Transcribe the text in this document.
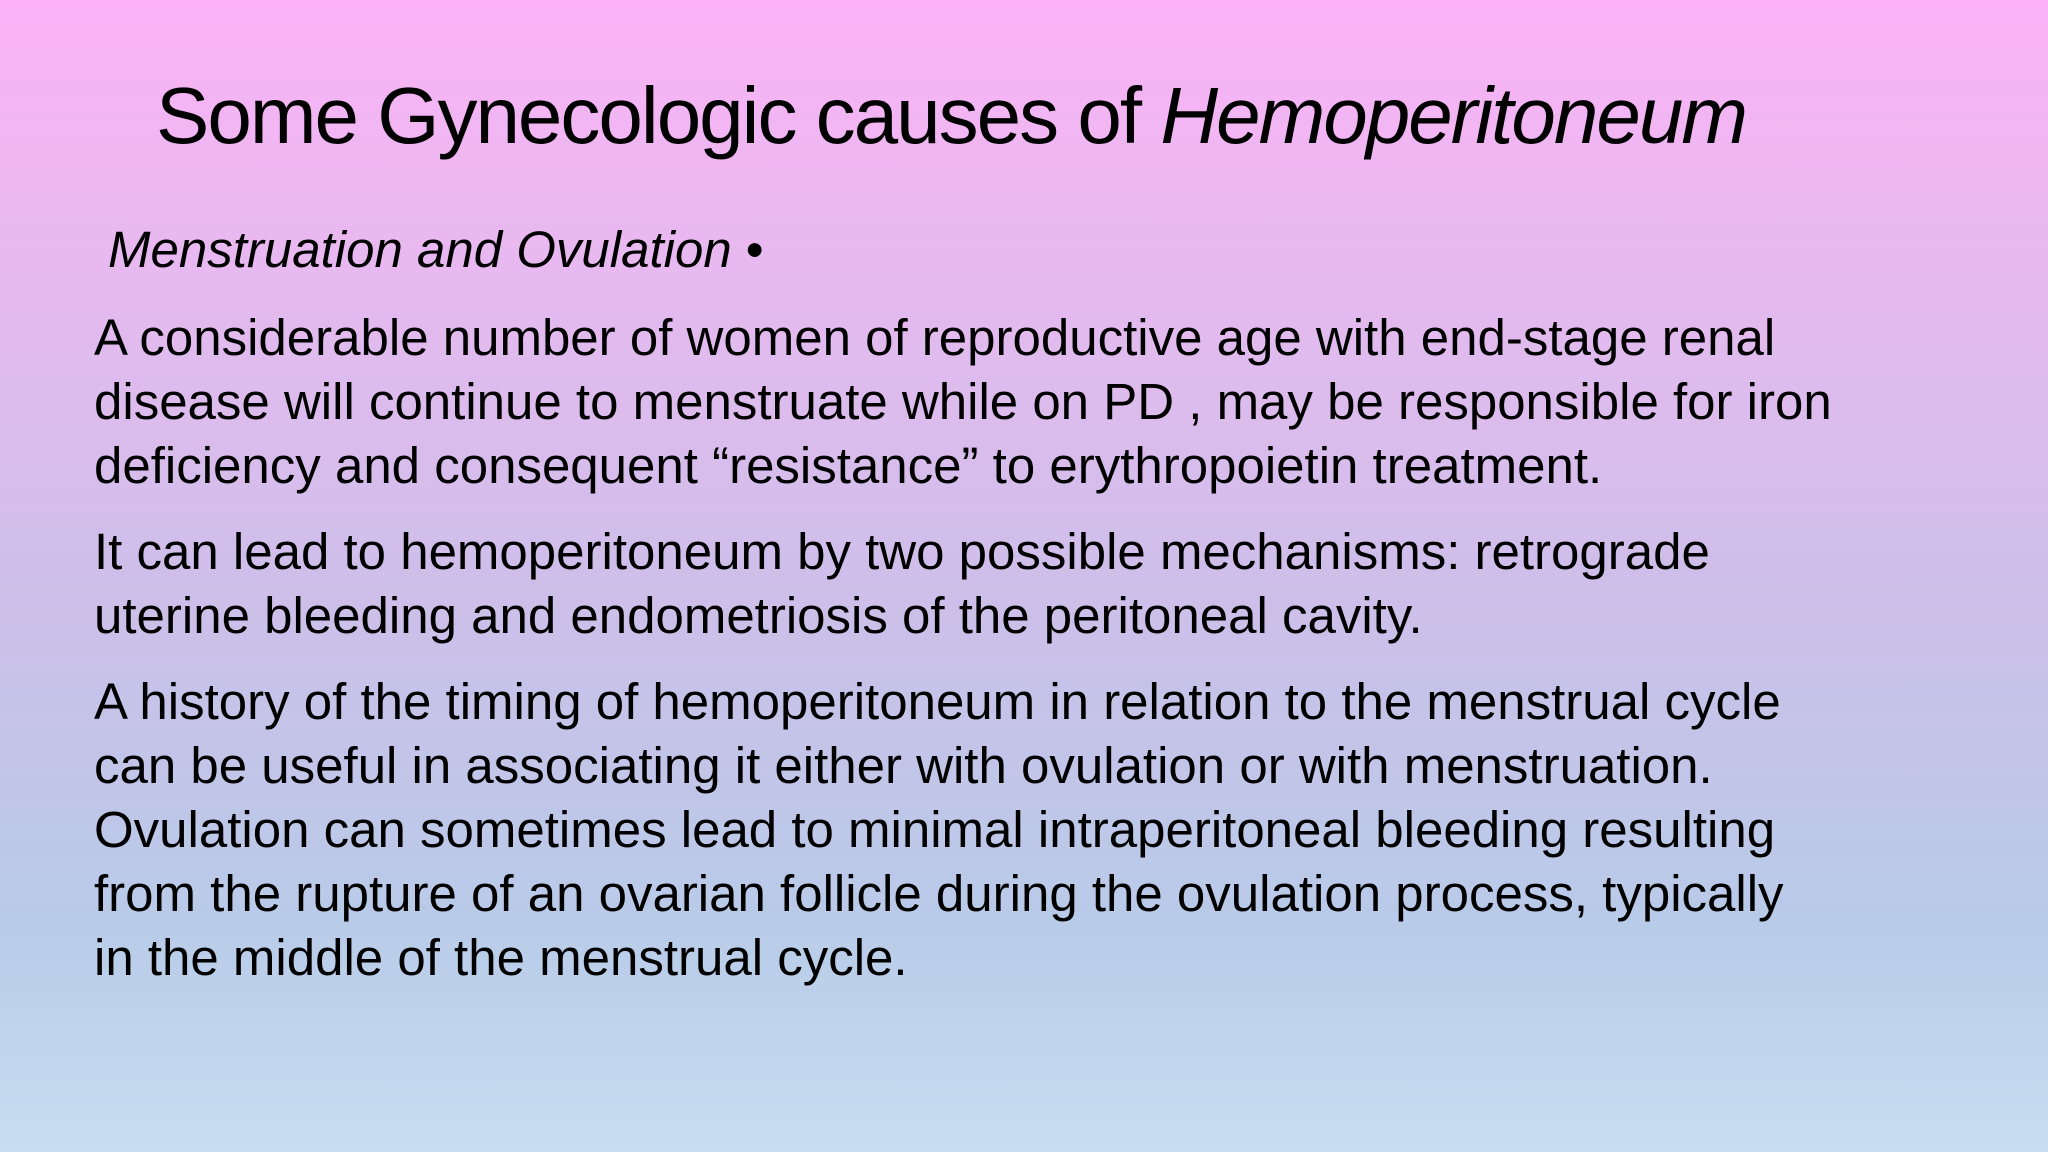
Some Gynecologic causes of Hemoperitoneum
Menstruation and Ovulation •

A considerable number of women of reproductive age with end-stage renal
disease will continue to menstruate while on PD , may be responsible for iron
deficiency and consequent “resistance” to erythropoietin treatment.

It can lead to hemoperitoneum by two possible mechanisms: retrograde
uterine bleeding and endometriosis of the peritoneal cavity.

A history of the timing of hemoperitoneum in relation to the menstrual cycle
can be useful in associating it either with ovulation or with menstruation.
Ovulation can sometimes lead to minimal intraperitoneal bleeding resulting
from the rupture of an ovarian follicle during the ovulation process, typically
in the middle of the menstrual cycle.
